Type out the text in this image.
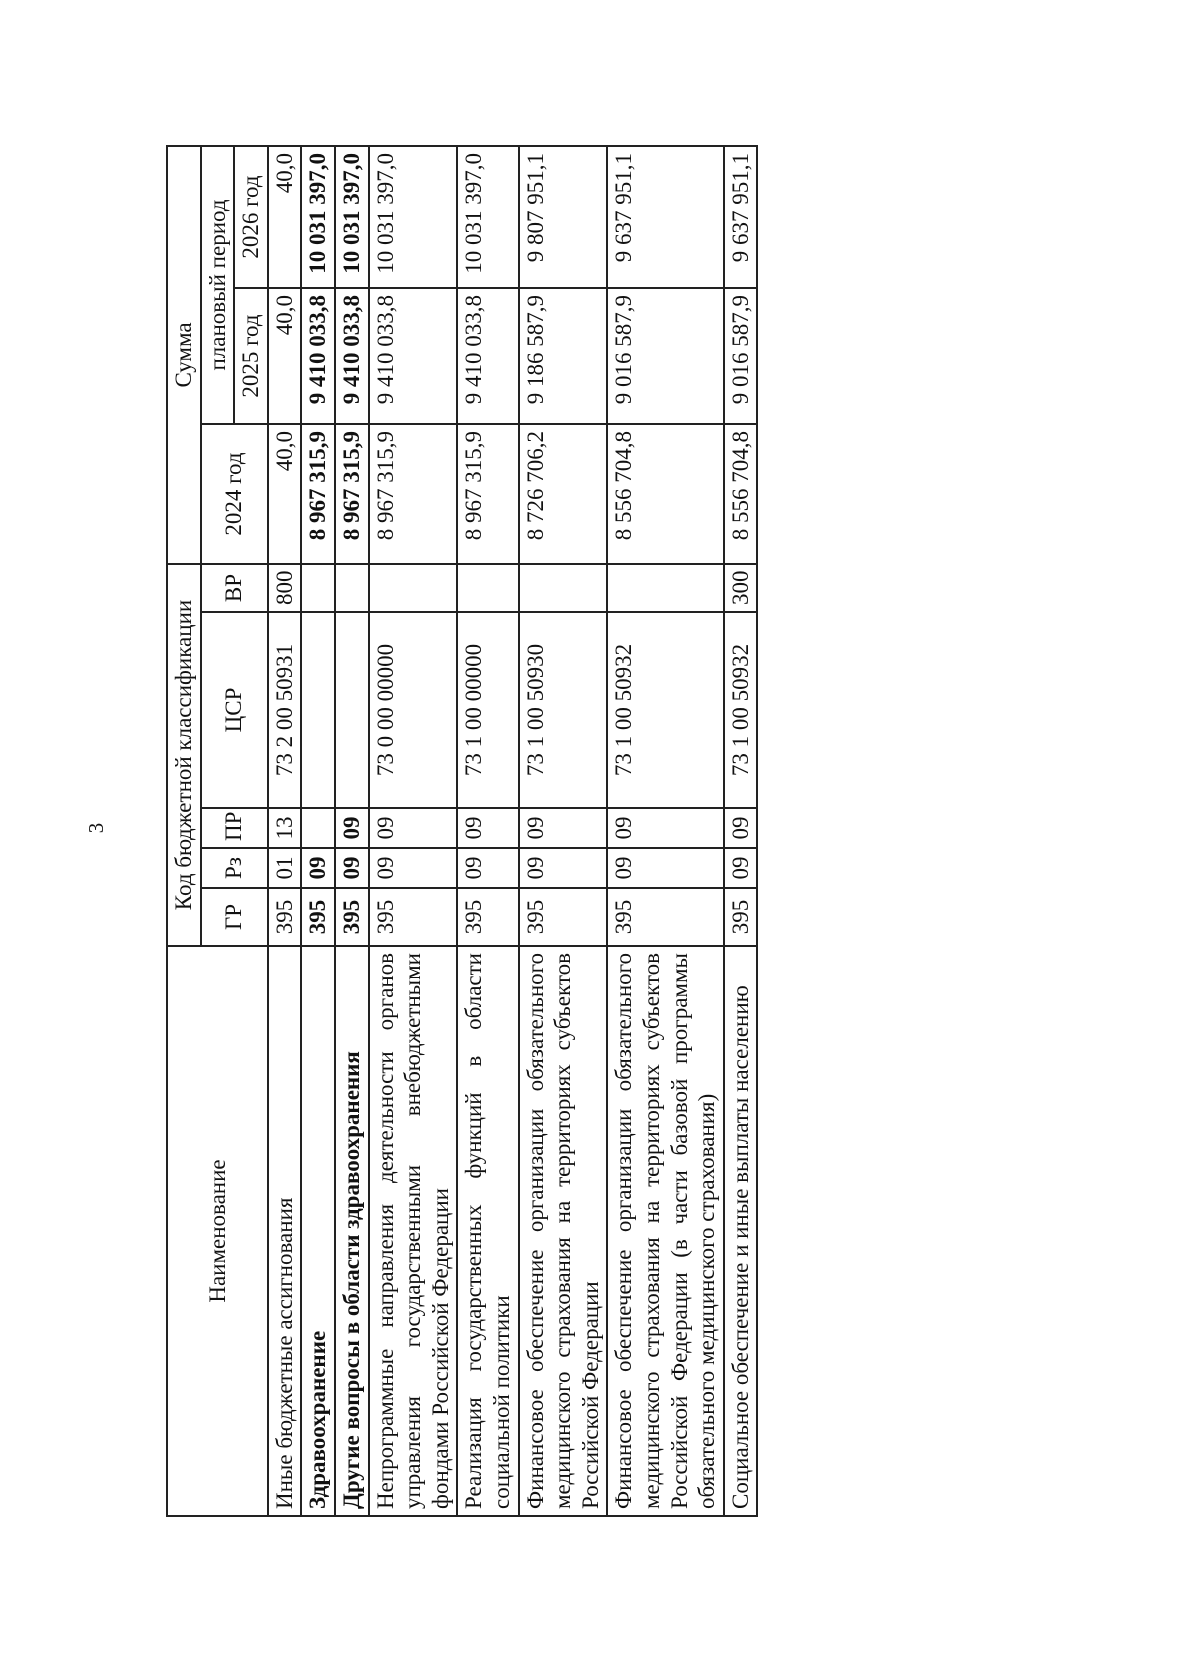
3
Наименование	Код бюджетной классификации					Сумма		
	ГР	Рз	ПР	ЦСР	ВР	2024 год	плановый период	
							2025 год	2026 год
Иные бюджетные ассигнования	395	01	13	73 2 00 50931	800	40,0	40,0	40,0
Здравоохранение	395	09				8 967 315,9	9 410 033,8	10 031 397,0
Другие вопросы в области здравоохранения	395	09	09			8 967 315,9	9 410 033,8	10 031 397,0
Непрограммные направления деятельности органов управления государственными внебюджетными фондами Российской Федерации	395	09	09	73 0 00 00000		8 967 315,9	9 410 033,8	10 031 397,0
Реализация государственных функций в области социальной политики	395	09	09	73 1 00 00000		8 967 315,9	9 410 033,8	10 031 397,0
Финансовое обеспечение организации обязательного медицинского страхования на территориях субъектов Российской Федерации	395	09	09	73 1 00 50930		8 726 706,2	9 186 587,9	9 807 951,1
Финансовое обеспечение организации обязательного медицинского страхования на территориях субъектов Российской Федерации (в части базовой программы обязательного медицинского страхования)	395	09	09	73 1 00 50932		8 556 704,8	9 016 587,9	9 637 951,1
Социальное обеспечение и иные выплаты населению	395	09	09	73 1 00 50932	300	8 556 704,8	9 016 587,9	9 637 951,1
